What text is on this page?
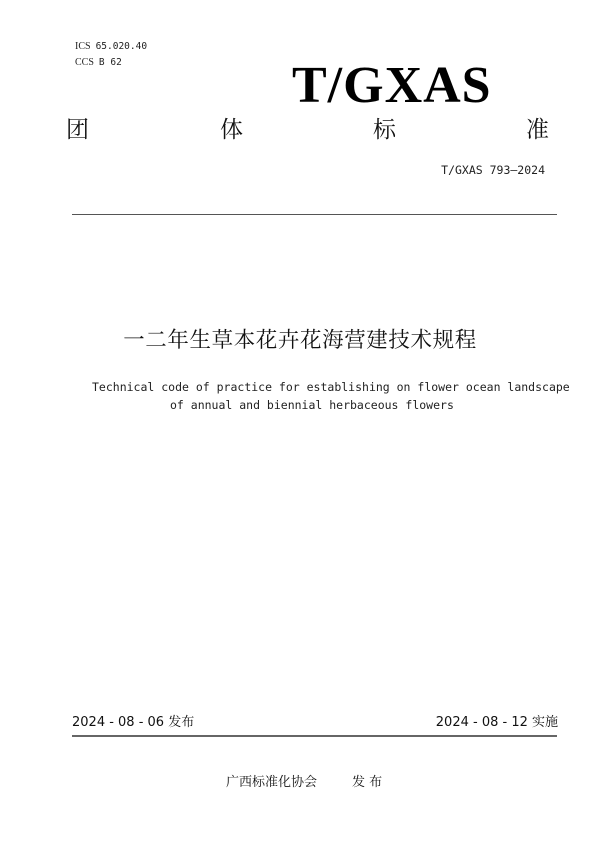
ICS 65.020.40

CCS B 62	T/GXAS
团	体	标	准
T/GXAS 793—2024
一二年生草本花卉花海营建技术规程
Technical code of practice for establishing on flower ocean landscape
of annual and biennial herbaceous flowers
2024 - 08 - 06 发布	2024 - 08 - 12 实施
广西标准化协会	发 布
